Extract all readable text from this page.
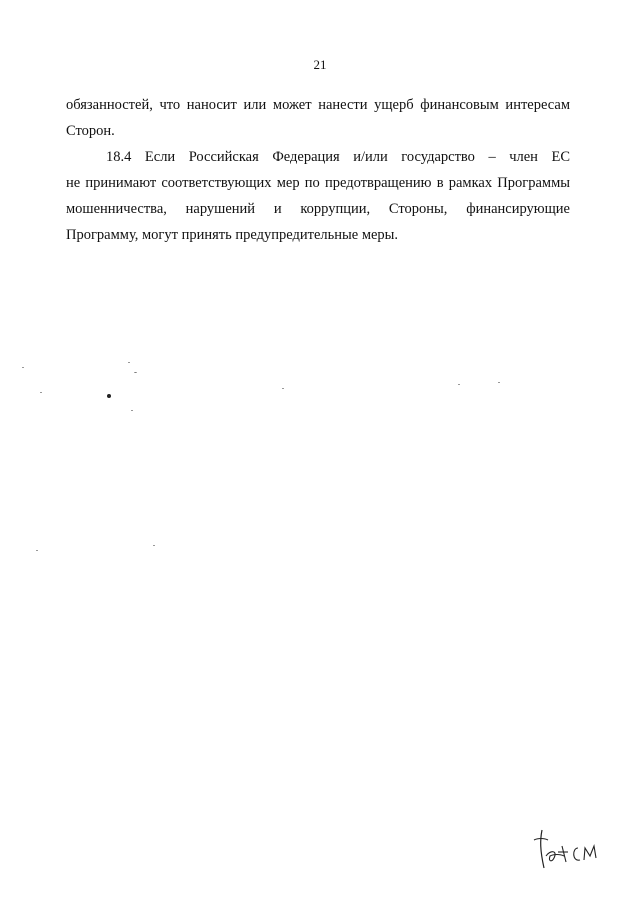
21
обязанностей, что наносит или может нанести ущерб финансовым интересам
Сторон.
18.4 Если Российская Федерация и/или государство – член ЕС
не принимают соответствующих мер по предотвращению в рамках Программы
мошенничества, нарушений и коррупции, Стороны, финансирующие
Программу, могут принять предупредительные меры.
